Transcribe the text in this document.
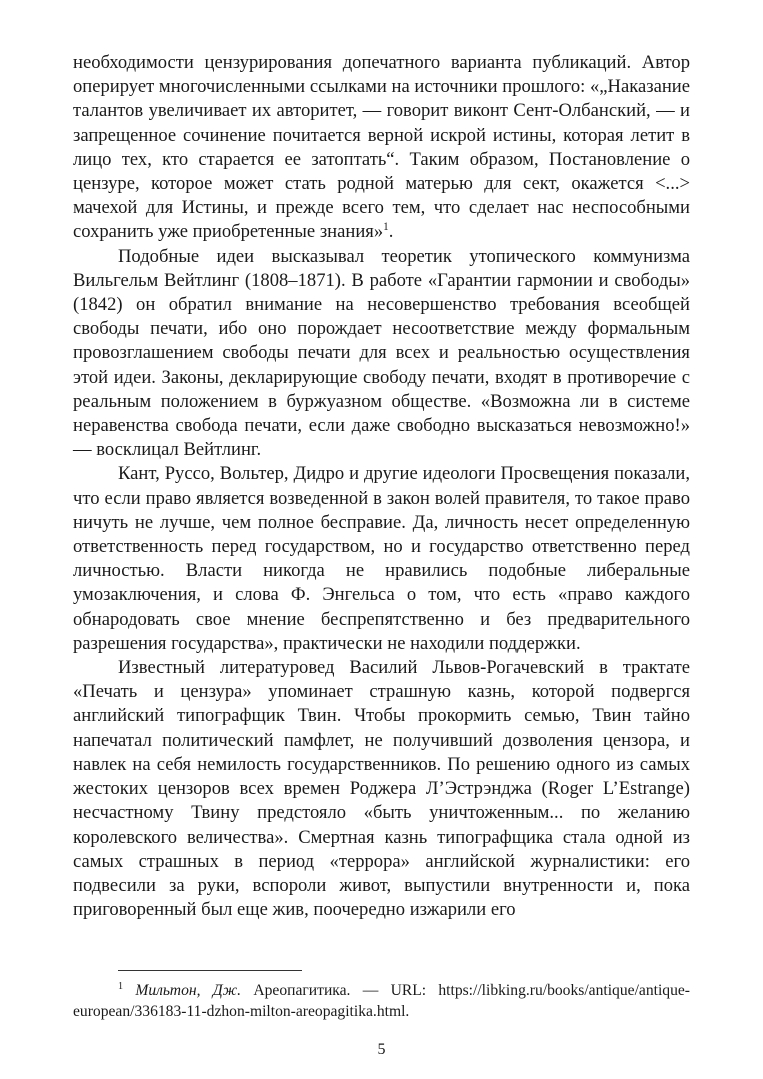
необходимости цензурирования допечатного варианта публикаций. Автор оперирует многочисленными ссылками на источники прошлого: «„Наказание талантов увеличивает их авторитет, — говорит виконт Сент-Олбанский, — и запрещенное сочинение почитается верной искрой истины, которая летит в лицо тех, кто старается ее затоптать“. Таким образом, Постановление о цензуре, которое может стать родной матерью для сект, окажется <...> мачехой для Истины, и прежде всего тем, что сделает нас неспособными сохранить уже приобретенные знания»$^1$.

Подобные идеи высказывал теоретик утопического коммунизма Вильгельм Вейтлинг (1808–1871). В работе «Гарантии гармонии и свободы» (1842) он обратил внимание на несовершенство требования всеобщей свободы печати, ибо оно порождает несоответствие между формальным провозглашением свободы печати для всех и реальностью осуществления этой идеи. Законы, декларирующие свободу печати, входят в противоречие с реальным положением в буржуазном обществе. «Возможна ли в системе неравенства свобода печати, если даже свободно высказаться невозможно!» — восклицал Вейтлинг.

Кант, Руссо, Вольтер, Дидро и другие идеологи Просвещения показали, что если право является возведенной в закон волей правителя, то такое право ничуть не лучше, чем полное бесправие. Да, личность несет определенную ответственность перед государством, но и государство ответственно перед личностью. Власти никогда не нравились подобные либеральные умозаключения, и слова Ф. Энгельса о том, что есть «право каждого обнародовать свое мнение беспрепятственно и без предварительного разрешения государства», практически не находили поддержки.

Известный литературовед Василий Львов-Рогачевский в трактате «Печать и цензура» упоминает страшную казнь, которой подвергся английский типографщик Твин. Чтобы прокормить семью, Твин тайно напечатал политический памфлет, не получивший дозволения цензора, и навлек на себя немилость государственников. По решению одного из самых жестоких цензоров всех времен Роджера Л’Эстрэнджа (Roger L’Estrange) несчастному Твину предстояло «быть уничтоженным... по желанию королевского величества». Смертная казнь типографщика стала одной из самых страшных в период «террора» английской журналистики: его подвесили за руки, вспороли живот, выпустили внутренности и, пока приговоренный был еще жив, поочередно изжарили его

$^1$ Мильтон, Дж. Ареопагитика. — URL: https://libking.ru/books/antique/antique-european/336183-11-dzhon-milton-areopagitika.html.
5
